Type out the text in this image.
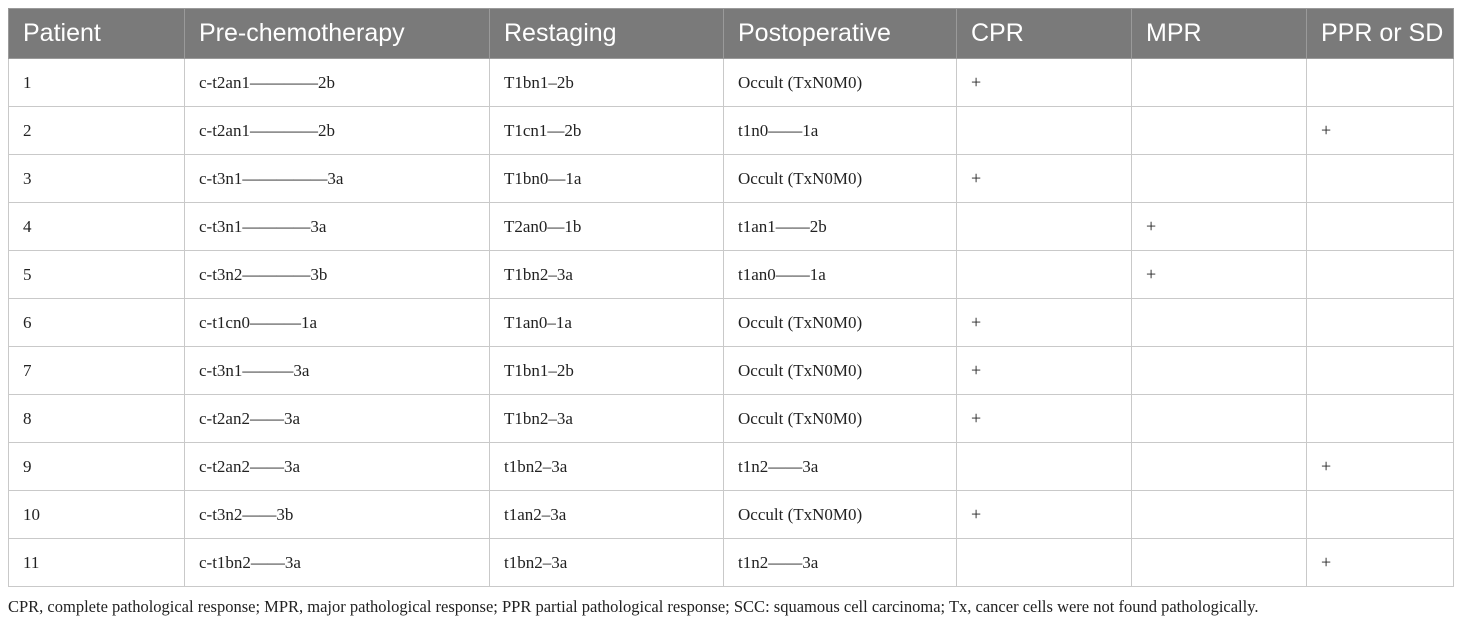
Patient	Pre-chemotherapy	Restaging	Postoperative	CPR	MPR	PPR or SD
1	c-t2an1————2b	T1bn1–2b	Occult (TxN0M0)	+		
2	c-t2an1————2b	T1cn1—2b	t1n0——1a			+
3	c-t3n1—————3a	T1bn0—1a	Occult (TxN0M0)	+		
4	c-t3n1————3a	T2an0—1b	t1an1——2b		+	
5	c-t3n2————3b	T1bn2–3a	t1an0——1a		+	
6	c-t1cn0———1a	T1an0–1a	Occult (TxN0M0)	+		
7	c-t3n1———3a	T1bn1–2b	Occult (TxN0M0)	+		
8	c-t2an2——3a	T1bn2–3a	Occult (TxN0M0)	+		
9	c-t2an2——3a	t1bn2–3a	t1n2——3a			+
10	c-t3n2——3b	t1an2–3a	Occult (TxN0M0)	+		
11	c-t1bn2——3a	t1bn2–3a	t1n2——3a			+
CPR, complete pathological response; MPR, major pathological response; PPR partial pathological response; SCC: squamous cell carcinoma; Tx, cancer cells were not found pathologically.
